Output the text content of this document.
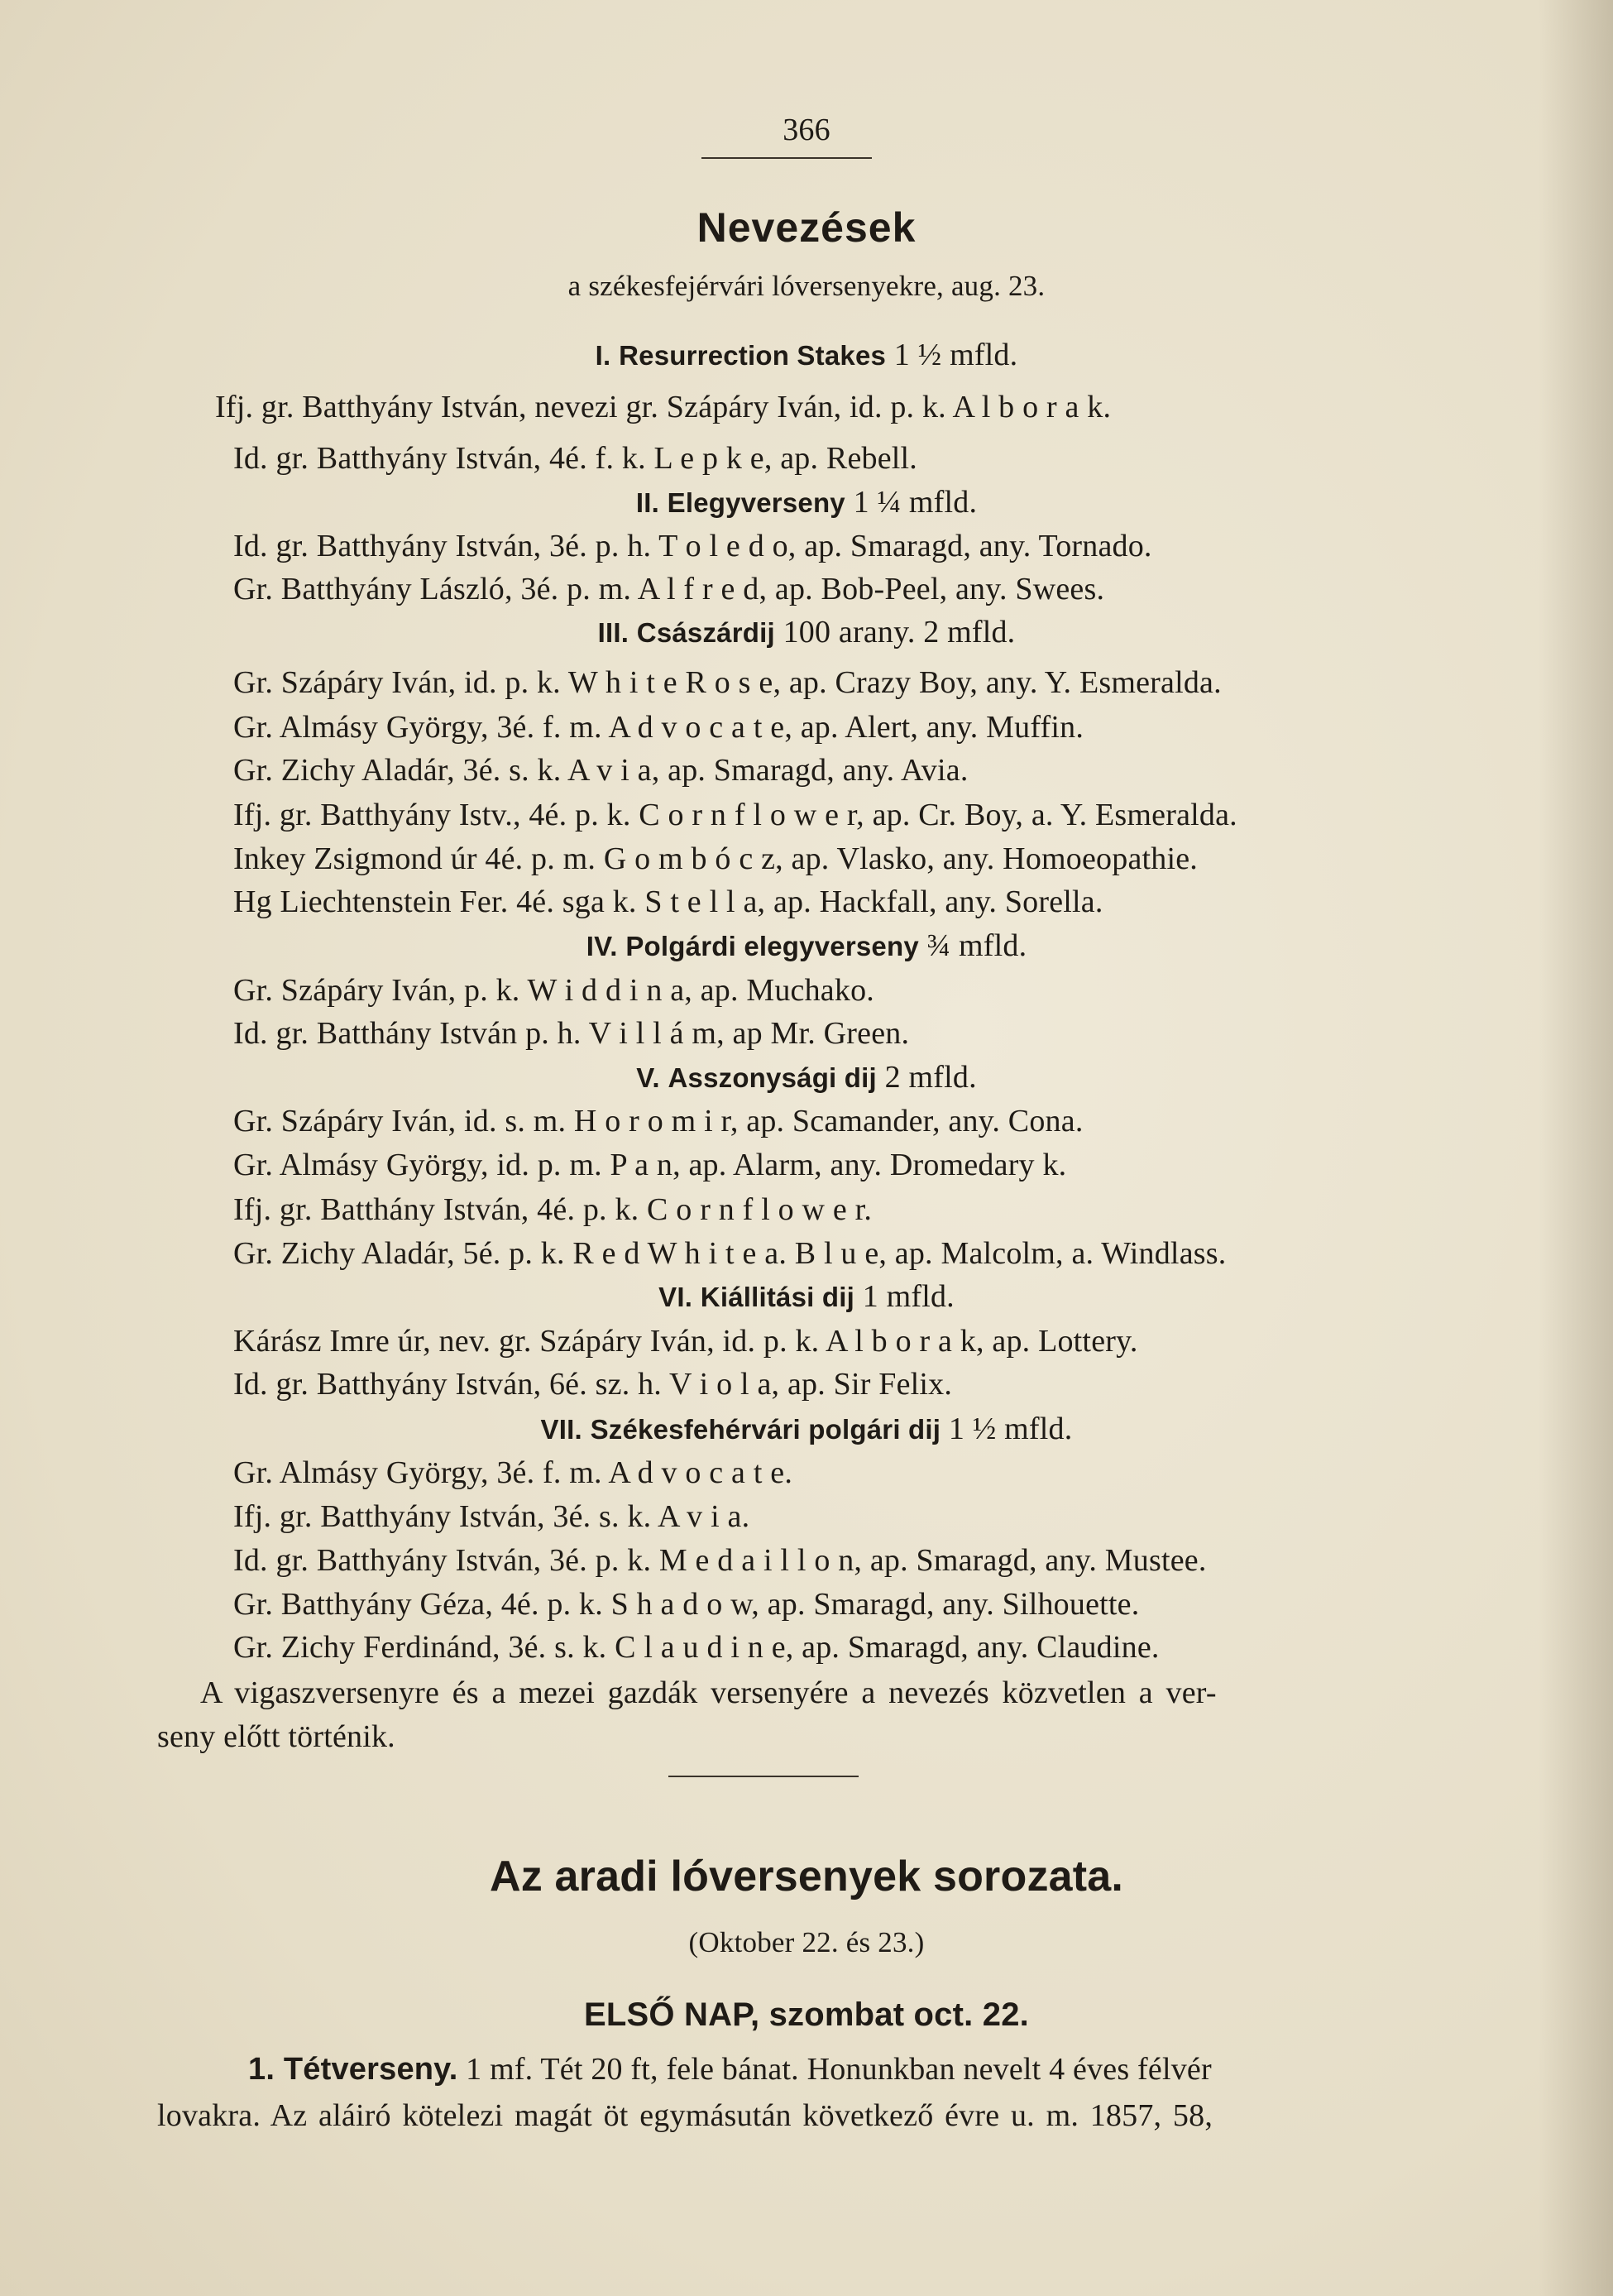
366
Nevezések
a székesfejérvári lóversenyekre, aug. 23.
I. Resurrection Stakes 1 ½ mfld.
Ifj. gr. Batthyány István, nevezi gr. Szápáry Iván, id. p. k. A l b o r a k.
Id. gr. Batthyány István, 4é. f. k. L e p k e, ap. Rebell.
II. Elegyverseny 1 ¼ mfld.
Id. gr. Batthyány István, 3é. p. h. T o l e d o, ap. Smaragd, any. Tornado.
Gr. Batthyány László, 3é. p. m. A l f r e d, ap. Bob-Peel, any. Swees.
III. Császárdij 100 arany. 2 mfld.
Gr. Szápáry Iván, id. p. k. W h i t e R o s e, ap. Crazy Boy, any. Y. Esmeralda.
Gr. Almásy György, 3é. f. m. A d v o c a t e, ap. Alert, any. Muffin.
Gr. Zichy Aladár, 3é. s. k. A v i a, ap. Smaragd, any. Avia.
Ifj. gr. Batthyány Istv., 4é. p. k. C o r n f l o w e r, ap. Cr. Boy, a. Y. Esmeralda.
Inkey Zsigmond úr 4é. p. m. G o m b ó c z, ap. Vlasko, any. Homoeopathie.
Hg Liechtenstein Fer. 4é. sga k. S t e l l a, ap. Hackfall, any. Sorella.
IV. Polgárdi elegyverseny ¾ mfld.
Gr. Szápáry Iván, p. k. W i d d i n a, ap. Muchako.
Id. gr. Batthány István p. h. V i l l á m, ap Mr. Green.
V. Asszonysági dij 2 mfld.
Gr. Szápáry Iván, id. s. m. H o r o m i r, ap. Scamander, any. Cona.
Gr. Almásy György, id. p. m. P a n, ap. Alarm, any. Dromedary k.
Ifj. gr. Batthány István, 4é. p. k. C o r n f l o w e r.
Gr. Zichy Aladár, 5é. p. k. R e d W h i t e a. B l u e, ap. Malcolm, a. Windlass.
VI. Kiállitási dij 1 mfld.
Kárász Imre úr, nev. gr. Szápáry Iván, id. p. k. A l b o r a k, ap. Lottery.
Id. gr. Batthyány István, 6é. sz. h. V i o l a, ap. Sir Felix.
VII. Székesfehérvári polgári dij 1 ½ mfld.
Gr. Almásy György, 3é. f. m. A d v o c a t e.
Ifj. gr. Batthyány István, 3é. s. k. A v i a.
Id. gr. Batthyány István, 3é. p. k. M e d a i l l o n, ap. Smaragd, any. Mustee.
Gr. Batthyány Géza, 4é. p. k. S h a d o w, ap. Smaragd, any. Silhouette.
Gr. Zichy Ferdinánd, 3é. s. k. C l a u d i n e, ap. Smaragd, any. Claudine.
A vigaszversenyre és a mezei gazdák versenyére a nevezés közvetlen a ver-
seny előtt történik.
Az aradi lóversenyek sorozata.
(Oktober 22. és 23.)
ELSŐ NAP, szombat oct. 22.
1. Tétverseny. 1 mf. Tét 20 ft, fele bánat. Honunkban nevelt 4 éves félvér
lovakra. Az aláiró kötelezi magát öt egymásután következő évre u. m. 1857, 58,
